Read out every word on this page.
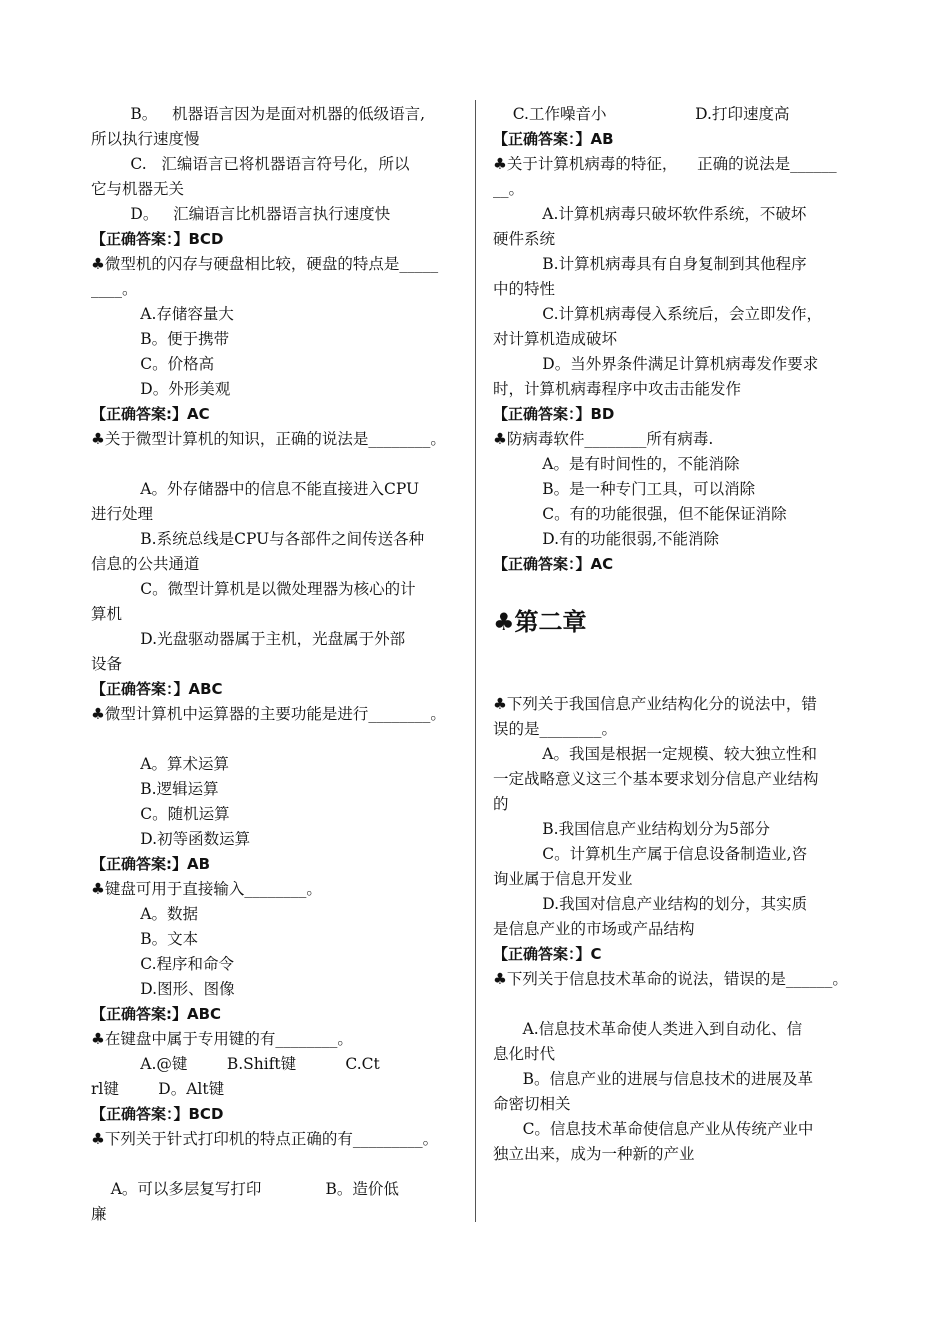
B。   机器语言因为是面对机器的低级语言,
所以执行速度慢
C.   汇编语言已将机器语言符号化，所以
它与机器无关
D。   汇编语言比机器语言执行速度快
【正确答案：】BCD
♣微型机的闪存与硬盘相比较，硬盘的特点是_____
____。
A.存储容量大
B。便于携带
C。价格高
D。外形美观
【正确答案:】AC
♣关于微型计算机的知识，正确的说法是________。

A。外存储器中的信息不能直接进入CPU
进行处理
B.系统总线是CPU与各部件之间传送各种
信息的公共通道
C。微型计算机是以微处理器为核心的计
算机
D.光盘驱动器属于主机，光盘属于外部
设备
【正确答案：】ABC
♣微型计算机中运算器的主要功能是进行________。

A。算术运算
B.逻辑运算
C。随机运算
D.初等函数运算
【正确答案:】AB
♣键盘可用于直接输入________。
A。数据
B。文本
C.程序和命令
D.图形、图像
【正确答案:】ABC
♣在键盘中属于专用键的有________。
A.@键        B.Shift键          C.Ct
rl键        D。Alt键
【正确答案：】BCD
♣下列关于针式打印机的特点正确的有_________。

A。可以多层复写打印             B。造价低
廉
C.工作噪音小                  D.打印速度高
【正确答案：】AB
♣关于计算机病毒的特征，    正确的说法是______
__。
A.计算机病毒只破坏软件系统，不破坏
硬件系统
B.计算机病毒具有自身复制到其他程序
中的特性
C.计算机病毒侵入系统后，会立即发作，
对计算机造成破坏
D。当外界条件满足计算机病毒发作要求
时，计算机病毒程序中攻击击能发作
【正确答案：】BD
♣防病毒软件________所有病毒.
A。是有时间性的，不能消除
B。是一种专门工具，可以消除
C。有的功能很强，但不能保证消除
D.有的功能很弱,不能消除
【正确答案：】AC

♣第二章

♣下列关于我国信息产业结构化分的说法中，错
误的是________。
A。我国是根据一定规模、较大独立性和
一定战略意义这三个基本要求划分信息产业结构
的
B.我国信息产业结构划分为5部分
C。计算机生产属于信息设备制造业,咨
询业属于信息开发业
D.我国对信息产业结构的划分，其实质
是信息产业的市场或产品结构
【正确答案：】C
♣下列关于信息技术革命的说法，错误的是______。

A.信息技术革命使人类进入到自动化、信
息化时代
B。信息产业的进展与信息技术的进展及革
命密切相关
C。信息技术革命使信息产业从传统产业中
独立出来，成为一种新的产业
